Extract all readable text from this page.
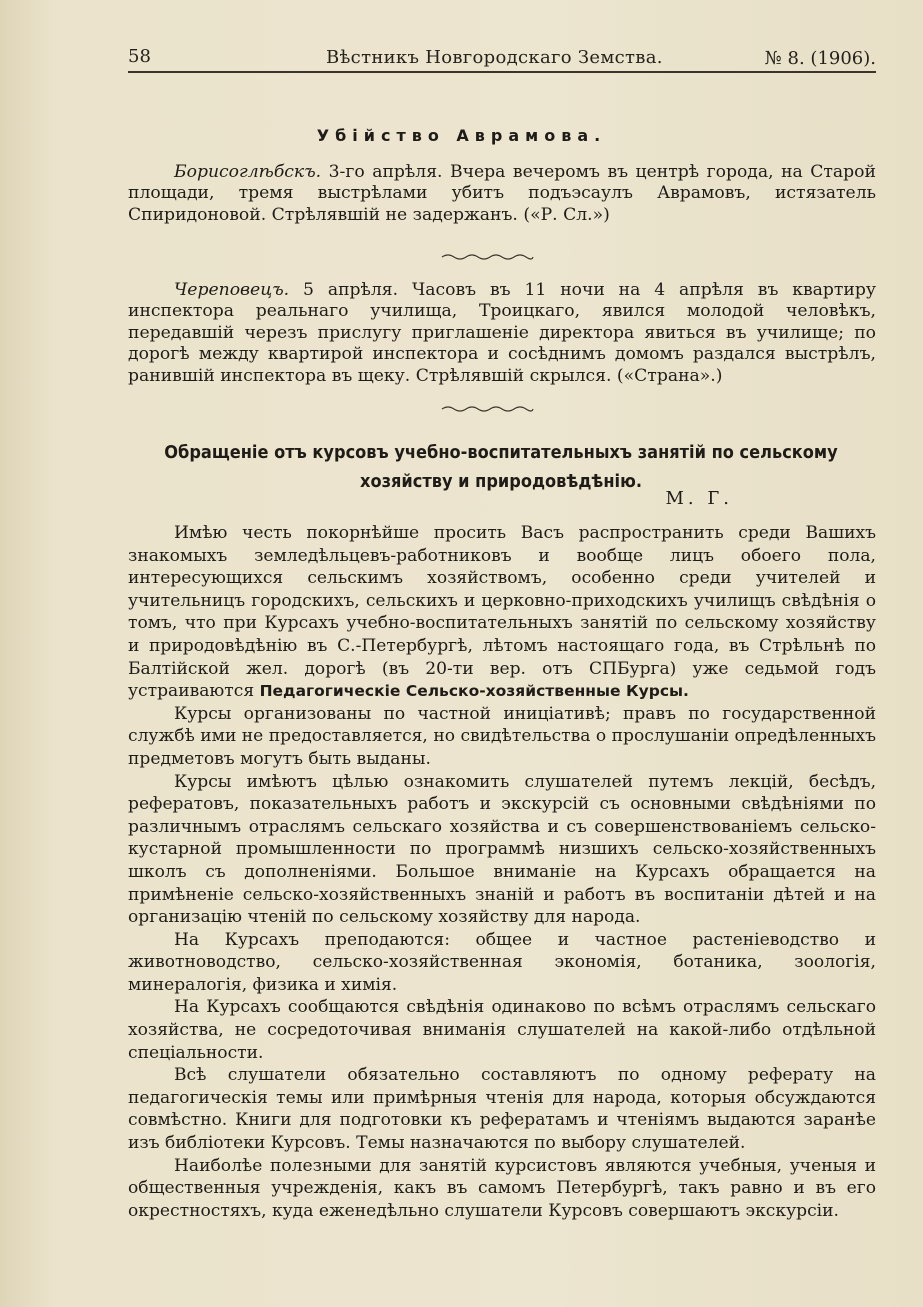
58	Вѣстникъ Новгородскаго Земства.	№ 8. (1906).
Убійство Аврамова.

Борисоглѣбскъ. 3-го апрѣля. Вчера вечеромъ въ центрѣ города, на Старой площади, тремя выстрѣлами убитъ подъэсаулъ Аврамовъ, истязатель Спиридоновой. Стрѣлявшій не задержанъ. («Р. Сл.»)

Череповецъ. 5 апрѣля. Часовъ въ 11 ночи на 4 апрѣля въ квартиру инспектора реальнаго училища, Троицкаго, явился молодой человѣкъ, передавшій черезъ прислугу приглашеніе директора явиться въ училище; по дорогѣ между квартирой инспектора и сосѣднимъ домомъ раздался выстрѣлъ, ранившій инспектора въ щеку. Стрѣлявшій скрылся. («Страна».)

Обращеніе отъ курсовъ учебно-воспитательныхъ занятій по сельскому хозяйству и природовѣдѣнію.
М. Г.

Имѣю честь покорнѣйше просить Васъ распространить среди Вашихъ знакомыхъ земледѣльцевъ-работниковъ и вообще лицъ обоего пола, интересующихся сельскимъ хозяйствомъ, особенно среди учителей и учительницъ городскихъ, сельскихъ и церковно-приходскихъ училищъ свѣдѣнія о томъ, что при Курсахъ учебно-воспитательныхъ занятій по сельскому хозяйству и природовѣдѣнію въ С.-Петербургѣ, лѣтомъ настоящаго года, въ Стрѣльнѣ по Балтійской жел. дорогѣ (въ 20-ти вер. отъ СПБурга) уже седьмой годъ устраиваются Педагогическіе Сельско-хозяйственные Курсы.

Курсы организованы по частной иниціативѣ; правъ по государственной службѣ ими не предоставляется, но свидѣтельства о прослушаніи опредѣленныхъ предметовъ могутъ быть выданы.

Курсы имѣютъ цѣлью ознакомить слушателей путемъ лекцій, бесѣдъ, рефератовъ, показательныхъ работъ и экскурсій съ основными свѣдѣніями по различнымъ отраслямъ сельскаго хозяйства и съ совершенствованіемъ сельско-кустарной промышленности по программѣ низшихъ сельско-хозяйственныхъ школъ съ дополненіями. Большое вниманіе на Курсахъ обращается на примѣненіе сельско-хозяйственныхъ знаній и работъ въ воспитаніи дѣтей и на организацію чтеній по сельскому хозяйству для народа.

На Курсахъ преподаются: общее и частное растеніеводство и животноводство, сельско-хозяйственная экономія, ботаника, зоологія, минералогія, физика и химія.

На Курсахъ сообщаются свѣдѣнія одинаково по всѣмъ отраслямъ сельскаго хозяйства, не сосредоточивая вниманія слушателей на какой-либо отдѣльной спеціальности.

Всѣ слушатели обязательно составляютъ по одному реферату на педагогическія темы или примѣрныя чтенія для народа, которыя обсуждаются совмѣстно. Книги для подготовки къ рефератамъ и чтеніямъ выдаются заранѣе изъ библіотеки Курсовъ. Темы назначаются по выбору слушателей.

Наиболѣе полезными для занятій курсистовъ являются учебныя, ученыя и общественныя учрежденія, какъ въ самомъ Петербургѣ, такъ равно и въ его окрестностяхъ, куда еженедѣльно слушатели Курсовъ совершаютъ экскурсіи.
